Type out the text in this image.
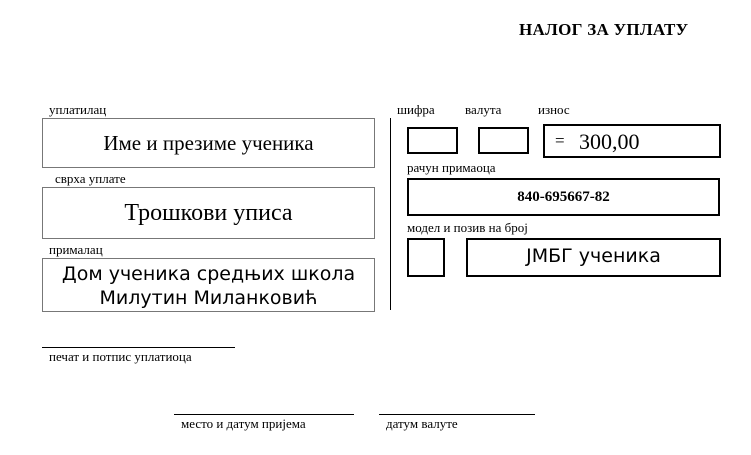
НАЛОГ ЗА УПЛАТУ
уплатилац
Име и презиме ученика
сврха уплате
Трошкови уписа
прималац
Дом ученика средњих школа
Милутин Миланковић
шифра валута	износ
= 300,00
рачун примаоца
840-695667-82
модел и позив на број
ЈМБГ ученика
печат и потпис уплатиоца
место и датум пријема	датум валуте
